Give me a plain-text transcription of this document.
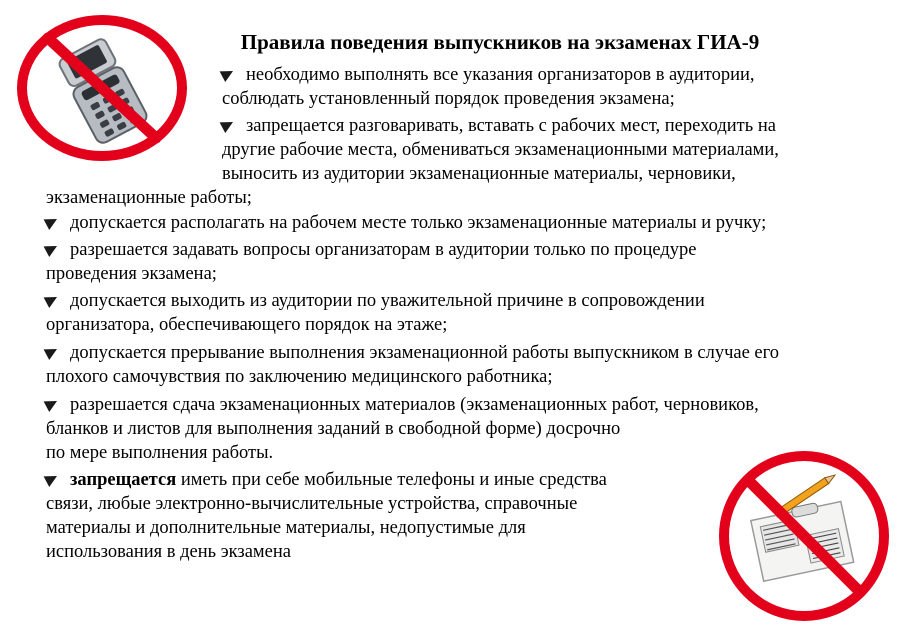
Правила поведения выпускников на экзаменах ГИА-9
необходимо выполнять все указания организаторов в аудитории,
соблюдать установленный порядок проведения экзамена;
запрещается разговаривать, вставать с рабочих мест, переходить на
другие рабочие места, обмениваться экзаменационными материалами,
выносить из аудитории экзаменационные материалы, черновики,
экзаменационные работы;
допускается располагать на рабочем месте только экзаменационные материалы и ручку;
разрешается задавать вопросы организаторам в аудитории только по процедуре
проведения экзамена;
допускается выходить из аудитории по уважительной причине в сопровождении
организатора, обеспечивающего порядок на этаже;
допускается прерывание выполнения экзаменационной работы выпускником в случае его
плохого самочувствия по заключению медицинского работника;
разрешается сдача экзаменационных материалов (экзаменационных работ, черновиков,
бланков и листов для выполнения заданий в свободной форме) досрочно
по мере выполнения работы.
запрещается иметь при себе мобильные телефоны и иные средства
связи, любые электронно-вычислительные устройства, справочные
материалы и дополнительные материалы, недопустимые для
использования в день экзамена
